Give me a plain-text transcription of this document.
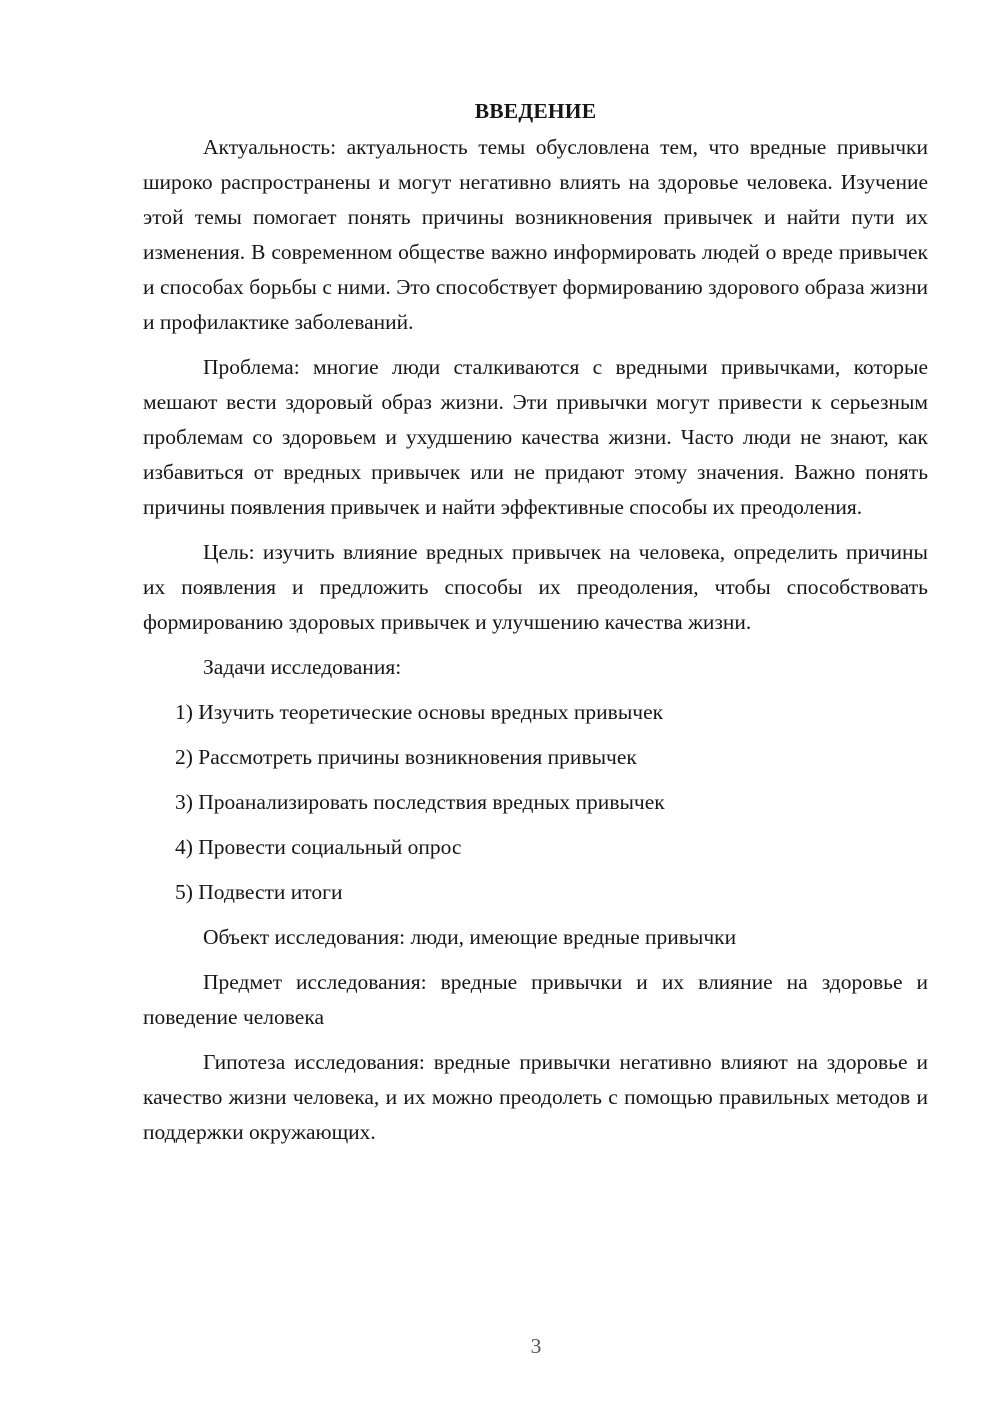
ВВЕДЕНИЕ

Актуальность: актуальность темы обусловлена тем, что вредные привычки широко распространены и могут негативно влиять на здоровье человека. Изучение этой темы помогает понять причины возникновения привычек и найти пути их изменения. В современном обществе важно информировать людей о вреде привычек и способах борьбы с ними. Это способствует формированию здорового образа жизни и профилактике заболеваний.

Проблема: многие люди сталкиваются с вредными привычками, которые мешают вести здоровый образ жизни. Эти привычки могут привести к серьезным проблемам со здоровьем и ухудшению качества жизни. Часто люди не знают, как избавиться от вредных привычек или не придают этому значения. Важно понять причины появления привычек и найти эффективные способы их преодоления.

Цель: изучить влияние вредных привычек на человека, определить причины их появления и предложить способы их преодоления, чтобы способствовать формированию здоровых привычек и улучшению качества жизни.

Задачи исследования:

1) Изучить теоретические основы вредных привычек
2) Рассмотреть причины возникновения привычек
3) Проанализировать последствия вредных привычек
4) Провести социальный опрос
5) Подвести итоги

Объект исследования: люди, имеющие вредные привычки

Предмет исследования: вредные привычки и их влияние на здоровье и поведение человека

Гипотеза исследования: вредные привычки негативно влияют на здоровье и качество жизни человека, и их можно преодолеть с помощью правильных методов и поддержки окружающих.

3
